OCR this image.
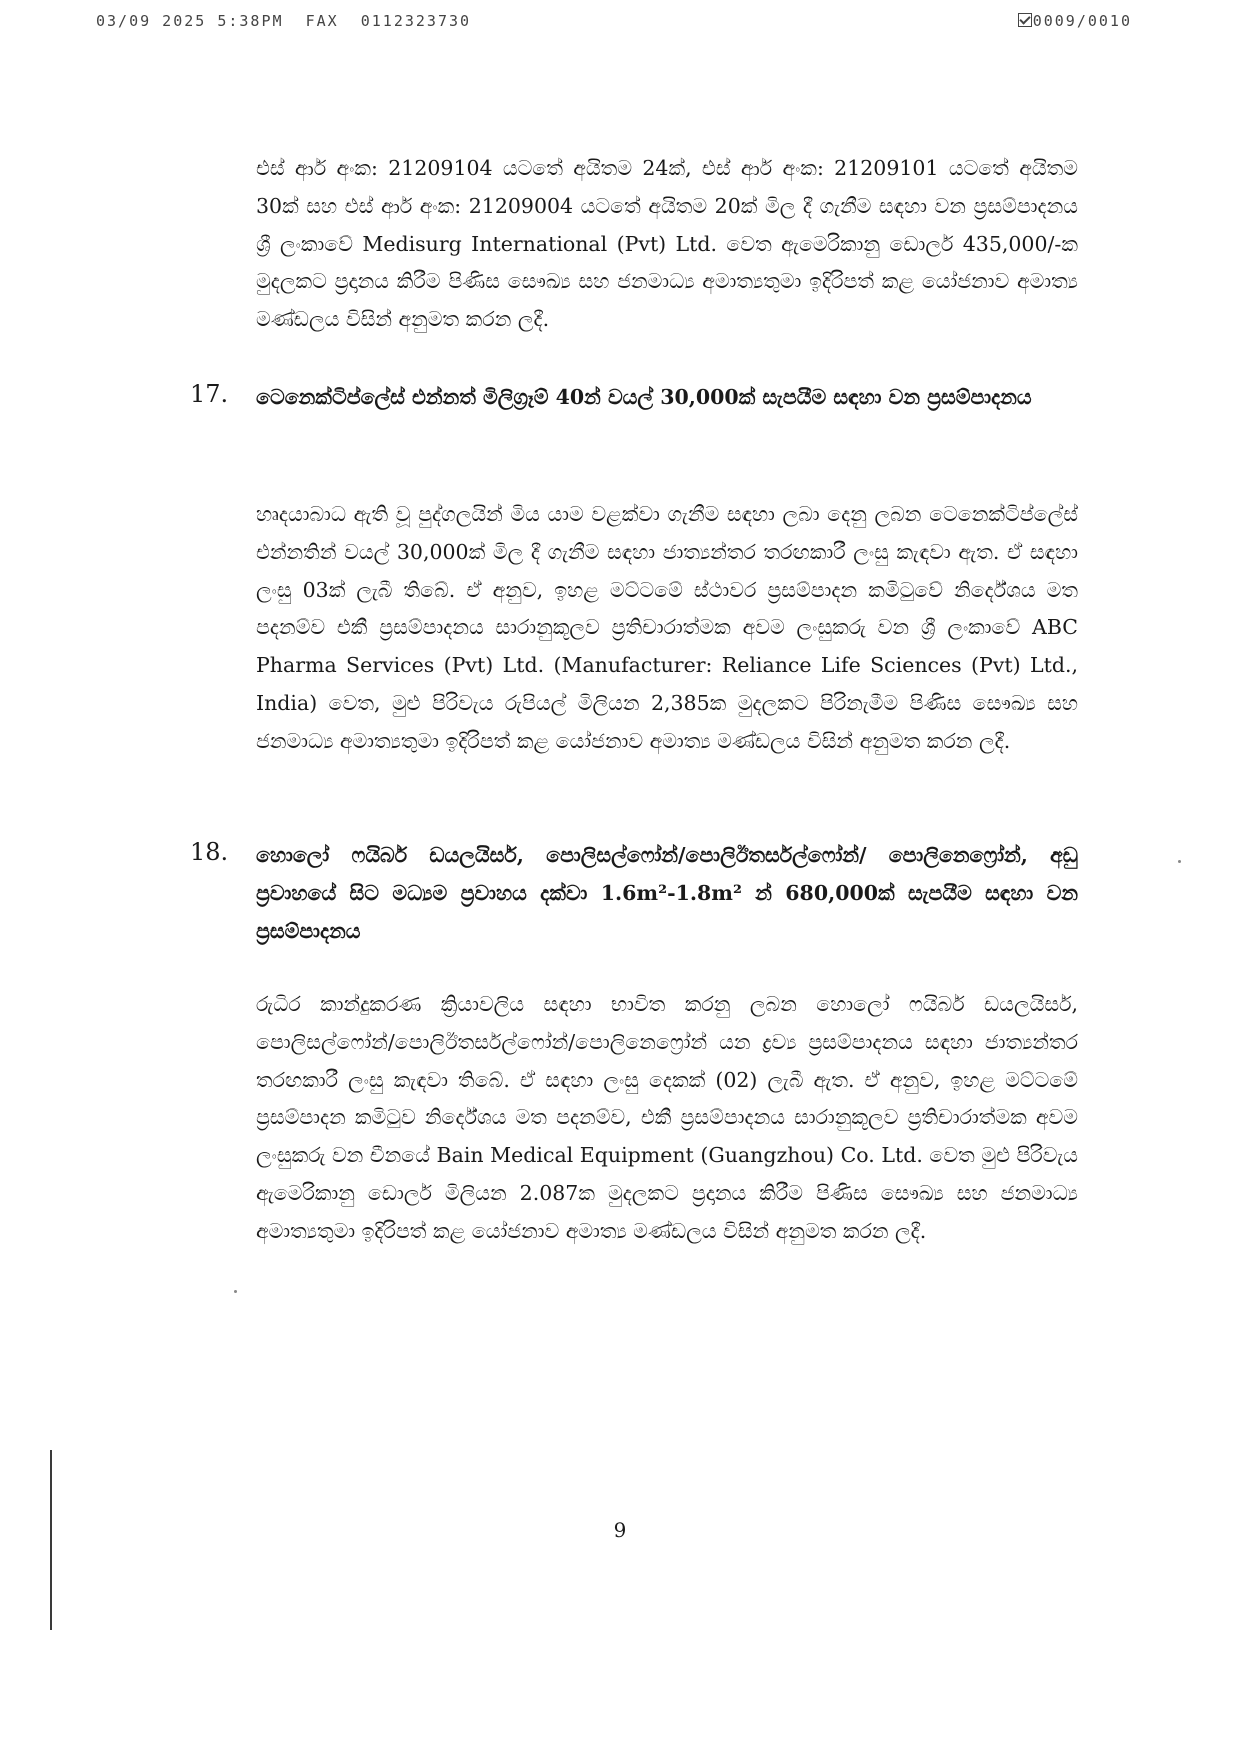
03/09 2025 5:38PM  FAX  0112323730	0009/0010

එස් ආර් අංක: 21209104 යටතේ අයිතම 24ක්, එස් ආර් අංක: 21209101 යටතේ අයිතම 30ක් සහ එස් ආර් අංක: 21209004 යටතේ අයිතම 20ක් මිල දී ගැනීම සඳහා වන ප්‍රසම්පාදනය ශ්‍රී ලංකාවේ Medisurg International (Pvt) Ltd. වෙත ඇමෙරිකානු ඩොලර් 435,000/-ක මුදලකට ප්‍රදානය කිරීම පිණිස සෞඛ්‍ය සහ ජනමාධ්‍ය අමාත්‍යතුමා ඉදිරිපත් කළ යෝජනාව අමාත්‍ය මණ්ඩලය විසින් අනුමත කරන ලදී.

17. ටෙනෙක්ටිප්ලේස් එන්නත් මිලිග්‍රෑම් 40න් වයල් 30,000ක් සැපයීම සඳහා වන ප්‍රසම්පාදනය

හෘදයාබාධ ඇති වූ පුද්ගලයින් මිය යාම වළක්වා ගැනීම සඳහා ලබා දෙනු ලබන ටෙනෙක්ටිප්ලේස් එන්නතින් වයල් 30,000ක් මිල දී ගැනීම සඳහා ජාත්‍යන්තර තරඟකාරී ලංසු කැඳවා ඇත. ඒ සඳහා ලංසු 03ක් ලැබී තිබේ. ඒ අනුව, ඉහළ මට්ටමේ ස්ථාවර ප්‍රසම්පාදන කමිටුවේ නිර්දේශය මත පදනම්ව එකී ප්‍රසම්පාදනය සාරානුකූලව ප්‍රතිචාරාත්මක අවම ලංසුකරු වන ශ්‍රී ලංකාවේ ABC Pharma Services (Pvt) Ltd. (Manufacturer: Reliance Life Sciences (Pvt) Ltd., India) වෙත, මුළු පිරිවැය රුපියල් මිලියන 2,385ක මුදලකට පිරිනැමීම පිණිස සෞඛ්‍ය සහ ජනමාධ්‍ය අමාත්‍යතුමා ඉදිරිපත් කළ යෝජනාව අමාත්‍ය මණ්ඩලය විසින් අනුමත කරන ලදී.

18. හොලෝ ෆයිබර් ඩයලයිසර්, පොලිසල්ෆෝන්/පොලිඊතර්සල්ෆෝන්/ පොලිනෙෆ්‍රෝන්, අඩු ප්‍රවාහයේ සිට මධ්‍යම ප්‍රවාහය දක්වා 1.6m²-1.8m² න් 680,000ක් සැපයීම සඳහා වන ප්‍රසම්පාදනය

රුධිර කාන්දුකරණ ක්‍රියාවලිය සඳහා භාවිත කරනු ලබන හොලෝ ෆයිබර් ඩයලයිසර්, පොලිසල්ෆෝන්/පොලිඊතර්සල්ෆෝන්/පොලිනෙෆ්‍රෝන් යන ද්‍රව්‍ය ප්‍රසම්පාදනය සඳහා ජාත්‍යන්තර තරඟකාරී ලංසු කැඳවා තිබේ. ඒ සඳහා ලංසු දෙකක් (02) ලැබී ඇත. ඒ අනුව, ඉහළ මට්ටමේ ප්‍රසම්පාදන කමිටුව නිර්දේශය මත පදනම්ව, එකී ප්‍රසම්පාදනය සාරානුකූලව ප්‍රතිචාරාත්මක අවම ලංසුකරු වන චීනයේ Bain Medical Equipment (Guangzhou) Co. Ltd. වෙත මුළු පිරිවැය ඇමෙරිකානු ඩොලර් මිලියන 2.087ක මුදලකට ප්‍රදානය කිරීම පිණිස සෞඛ්‍ය සහ ජනමාධ්‍ය අමාත්‍යතුමා ඉදිරිපත් කළ යෝජනාව අමාත්‍ය මණ්ඩලය විසින් අනුමත කරන ලදී.

9
